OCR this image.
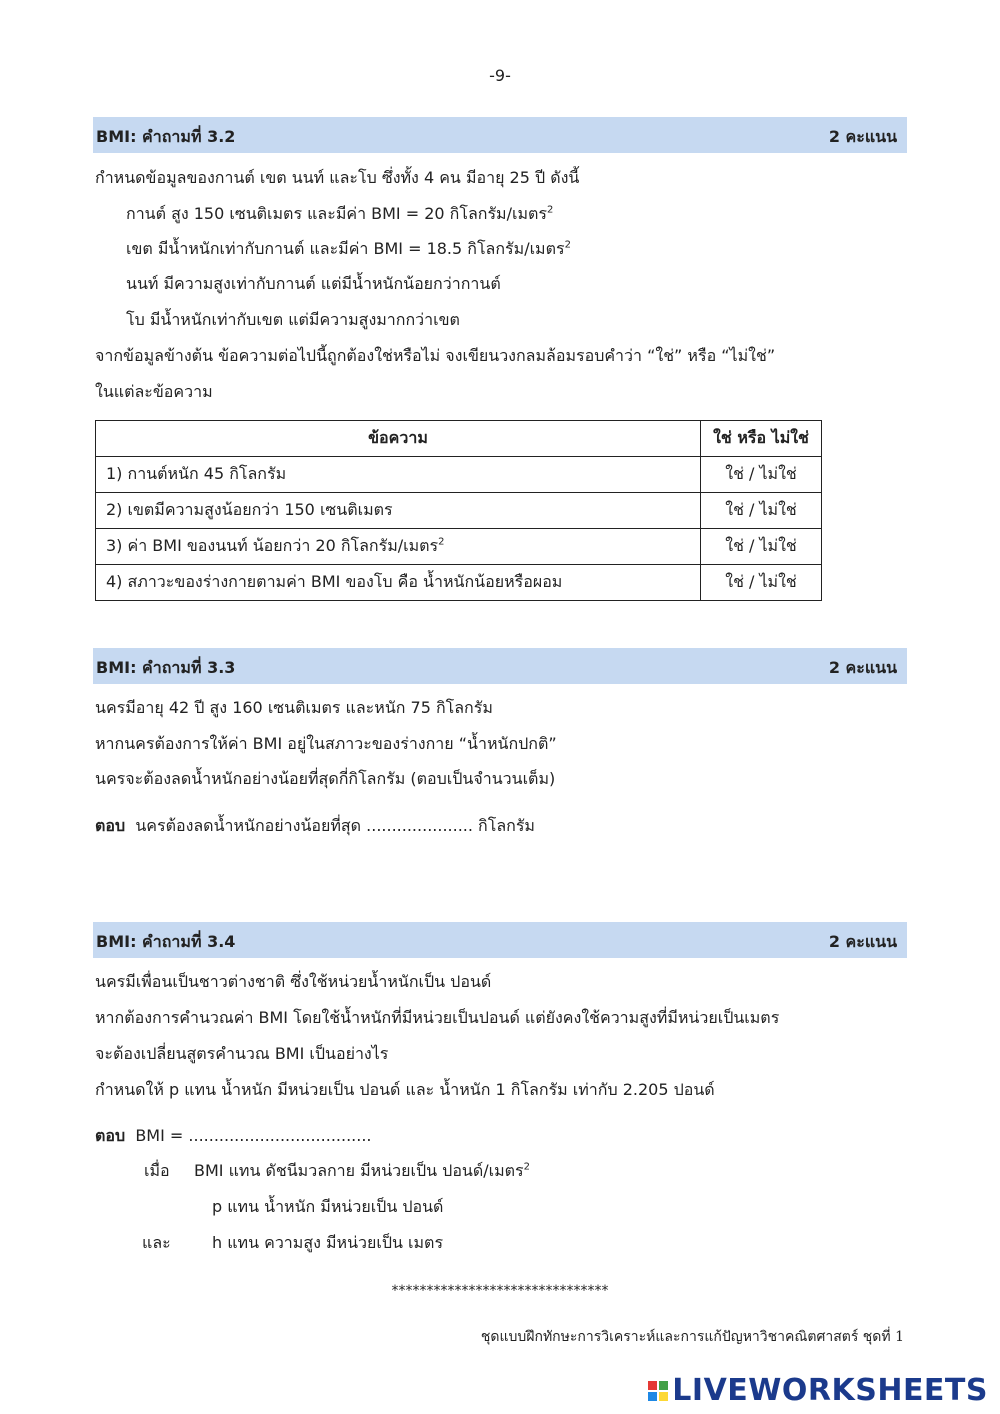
-9-
BMI: คำถามที่ 3.2	2 คะแนน
กำหนดข้อมูลของกานต์ เขต นนท์ และโบ ซึ่งทั้ง 4 คน มีอายุ 25 ปี ดังนี้
กานต์ สูง 150 เซนติเมตร และมีค่า BMI = 20 กิโลกรัม/เมตร$^2$
เขต มีน้ำหนักเท่ากับกานต์ และมีค่า BMI = 18.5 กิโลกรัม/เมตร$^2$
นนท์ มีความสูงเท่ากับกานต์ แต่มีน้ำหนักน้อยกว่ากานต์
โบ มีน้ำหนักเท่ากับเขต แต่มีความสูงมากกว่าเขต
จากข้อมูลข้างต้น ข้อความต่อไปนี้ถูกต้องใช่หรือไม่ จงเขียนวงกลมล้อมรอบคำว่า “ใช่” หรือ “ไม่ใช่”
ในแต่ละข้อความ
ข้อความ	ใช่ หรือ ไม่ใช่
1) กานต์หนัก 45 กิโลกรัม	ใช่ / ไม่ใช่
2) เขตมีความสูงน้อยกว่า 150 เซนติเมตร	ใช่ / ไม่ใช่
3) ค่า BMI ของนนท์ น้อยกว่า 20 กิโลกรัม/เมตร$^2$	ใช่ / ไม่ใช่
4) สภาวะของร่างกายตามค่า BMI ของโบ คือ น้ำหนักน้อยหรือผอม	ใช่ / ไม่ใช่
BMI: คำถามที่ 3.3	2 คะแนน
นครมีอายุ 42 ปี สูง 160 เซนติเมตร และหนัก 75 กิโลกรัม
หากนครต้องการให้ค่า BMI อยู่ในสภาวะของร่างกาย “น้ำหนักปกติ”
นครจะต้องลดน้ำหนักอย่างน้อยที่สุดกี่กิโลกรัม (ตอบเป็นจำนวนเต็ม)
ตอบ นครต้องลดน้ำหนักอย่างน้อยที่สุด ..................... กิโลกรัม
BMI: คำถามที่ 3.4	2 คะแนน
นครมีเพื่อนเป็นชาวต่างชาติ ซึ่งใช้หน่วยน้ำหนักเป็น ปอนด์
หากต้องการคำนวณค่า BMI โดยใช้น้ำหนักที่มีหน่วยเป็นปอนด์ แต่ยังคงใช้ความสูงที่มีหน่วยเป็นเมตร
จะต้องเปลี่ยนสูตรคำนวณ BMI เป็นอย่างไร
กำหนดให้ p แทน น้ำหนัก มีหน่วยเป็น ปอนด์ และ น้ำหนัก 1 กิโลกรัม เท่ากับ 2.205 ปอนด์
ตอบ BMI = ....................................
เมื่อ BMI แทน ดัชนีมวลกาย มีหน่วยเป็น ปอนด์/เมตร$^2$
p แทน น้ำหนัก มีหน่วยเป็น ปอนด์
และ	h แทน ความสูง มีหน่วยเป็น เมตร
*******************************
ชุดแบบฝึกทักษะการวิเคราะห์และการแก้ปัญหาวิชาคณิตศาสตร์ ชุดที่ 1
LIVEWORKSHEETS
